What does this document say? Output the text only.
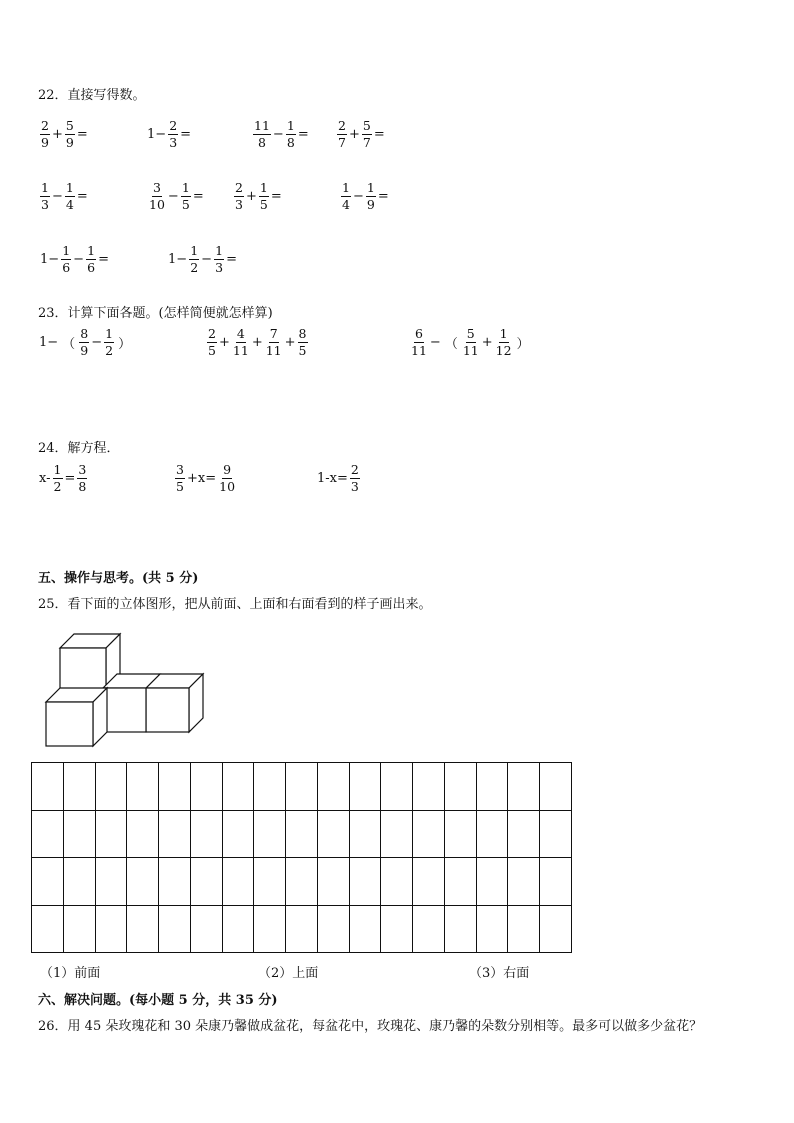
22．直接写得数。
$\frac{2}{9} + \frac{5}{9}$ =	$1- \frac{2}{3}$ =	$\frac{11}{8} - \frac{1}{8} = \frac{2}{7} + \frac{5}{7}$ =
$\frac{1}{3} - \frac{1}{4}$ =	$\frac{3}{10} - \frac{1}{5} = \frac{2}{3} + \frac{1}{5}$ =	$\frac{1}{4} - \frac{1}{9}$ =
$1- \frac{1}{6} - \frac{1}{6}$ =	$1- \frac{1}{2} - \frac{1}{3}$ =
23．计算下面各题。(怎样简便就怎样算)
1− （ $\frac{8}{9} - \frac{1}{2}$ ）	$\frac{2}{5} + \frac{4}{11} + \frac{7}{11} + \frac{8}{5}$	$\frac{6}{11}$ − （ $\frac{5}{11} + \frac{1}{12}$ ）
24．解方程．
$x- \frac{1}{2} = \frac{3}{8}$	$\frac{3}{5} +x= \frac{9}{10}$	$1-x= \frac{2}{3}$
五、操作与思考。(共 5 分)
25．看下面的立体图形，把从前面、上面和右面看到的样子画出来。

（1）前面	（2）上面	（3）右面
六、解决问题。(每小题 5 分，共 35 分)
26．用 45 朵玫瑰花和 30 朵康乃馨做成盆花，每盆花中，玫瑰花、康乃馨的朵数分别相等。最多可以做多少盆花？
